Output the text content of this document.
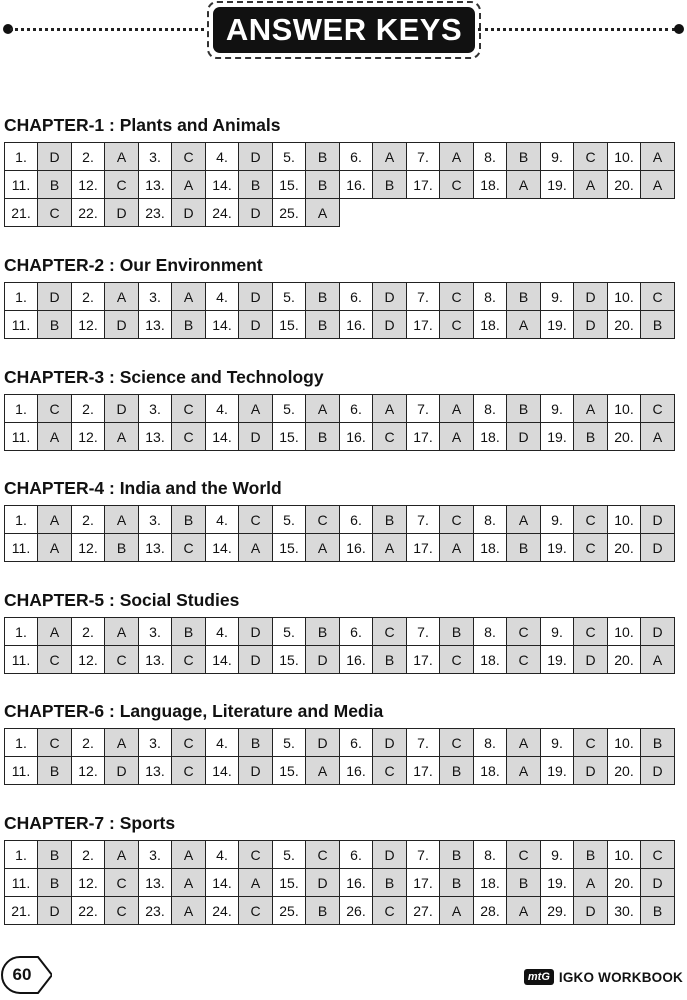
ANSWER KEYS
CHAPTER-1 : Plants and Animals
1.	D	2.	A	3.	C	4.	D	5.	B	6.	A	7.	A	8.	B	9.	C	10.	A
11.	B	12.	C	13.	A	14.	B	15.	B	16.	B	17.	C	18.	A	19.	A	20.	A
21.	C	22.	D	23.	D	24.	D	25.	A										
CHAPTER-2 : Our Environment
1.	D	2.	A	3.	A	4.	D	5.	B	6.	D	7.	C	8.	B	9.	D	10.	C
11.	B	12.	D	13.	B	14.	D	15.	B	16.	D	17.	C	18.	A	19.	D	20.	B
CHAPTER-3 : Science and Technology
1.	C	2.	D	3.	C	4.	A	5.	A	6.	A	7.	A	8.	B	9.	A	10.	C
11.	A	12.	A	13.	C	14.	D	15.	B	16.	C	17.	A	18.	D	19.	B	20.	A
CHAPTER-4 : India and the World
1.	A	2.	A	3.	B	4.	C	5.	C	6.	B	7.	C	8.	A	9.	C	10.	D
11.	A	12.	B	13.	C	14.	A	15.	A	16.	A	17.	A	18.	B	19.	C	20.	D
CHAPTER-5 : Social Studies
1.	A	2.	A	3.	B	4.	D	5.	B	6.	C	7.	B	8.	C	9.	C	10.	D
11.	C	12.	C	13.	C	14.	D	15.	D	16.	B	17.	C	18.	C	19.	D	20.	A
CHAPTER-6 : Language, Literature and Media
1.	C	2.	A	3.	C	4.	B	5.	D	6.	D	7.	C	8.	A	9.	C	10.	B
11.	B	12.	D	13.	C	14.	D	15.	A	16.	C	17.	B	18.	A	19.	D	20.	D
CHAPTER-7 : Sports
1.	B	2.	A	3.	A	4.	C	5.	C	6.	D	7.	B	8.	C	9.	B	10.	C
11.	B	12.	C	13.	A	14.	A	15.	D	16.	B	17.	B	18.	B	19.	A	20.	D
21.	D	22.	C	23.	A	24.	C	25.	B	26.	C	27.	A	28.	A	29.	D	30.	B
60	mtG IGKO WORKBOOK
